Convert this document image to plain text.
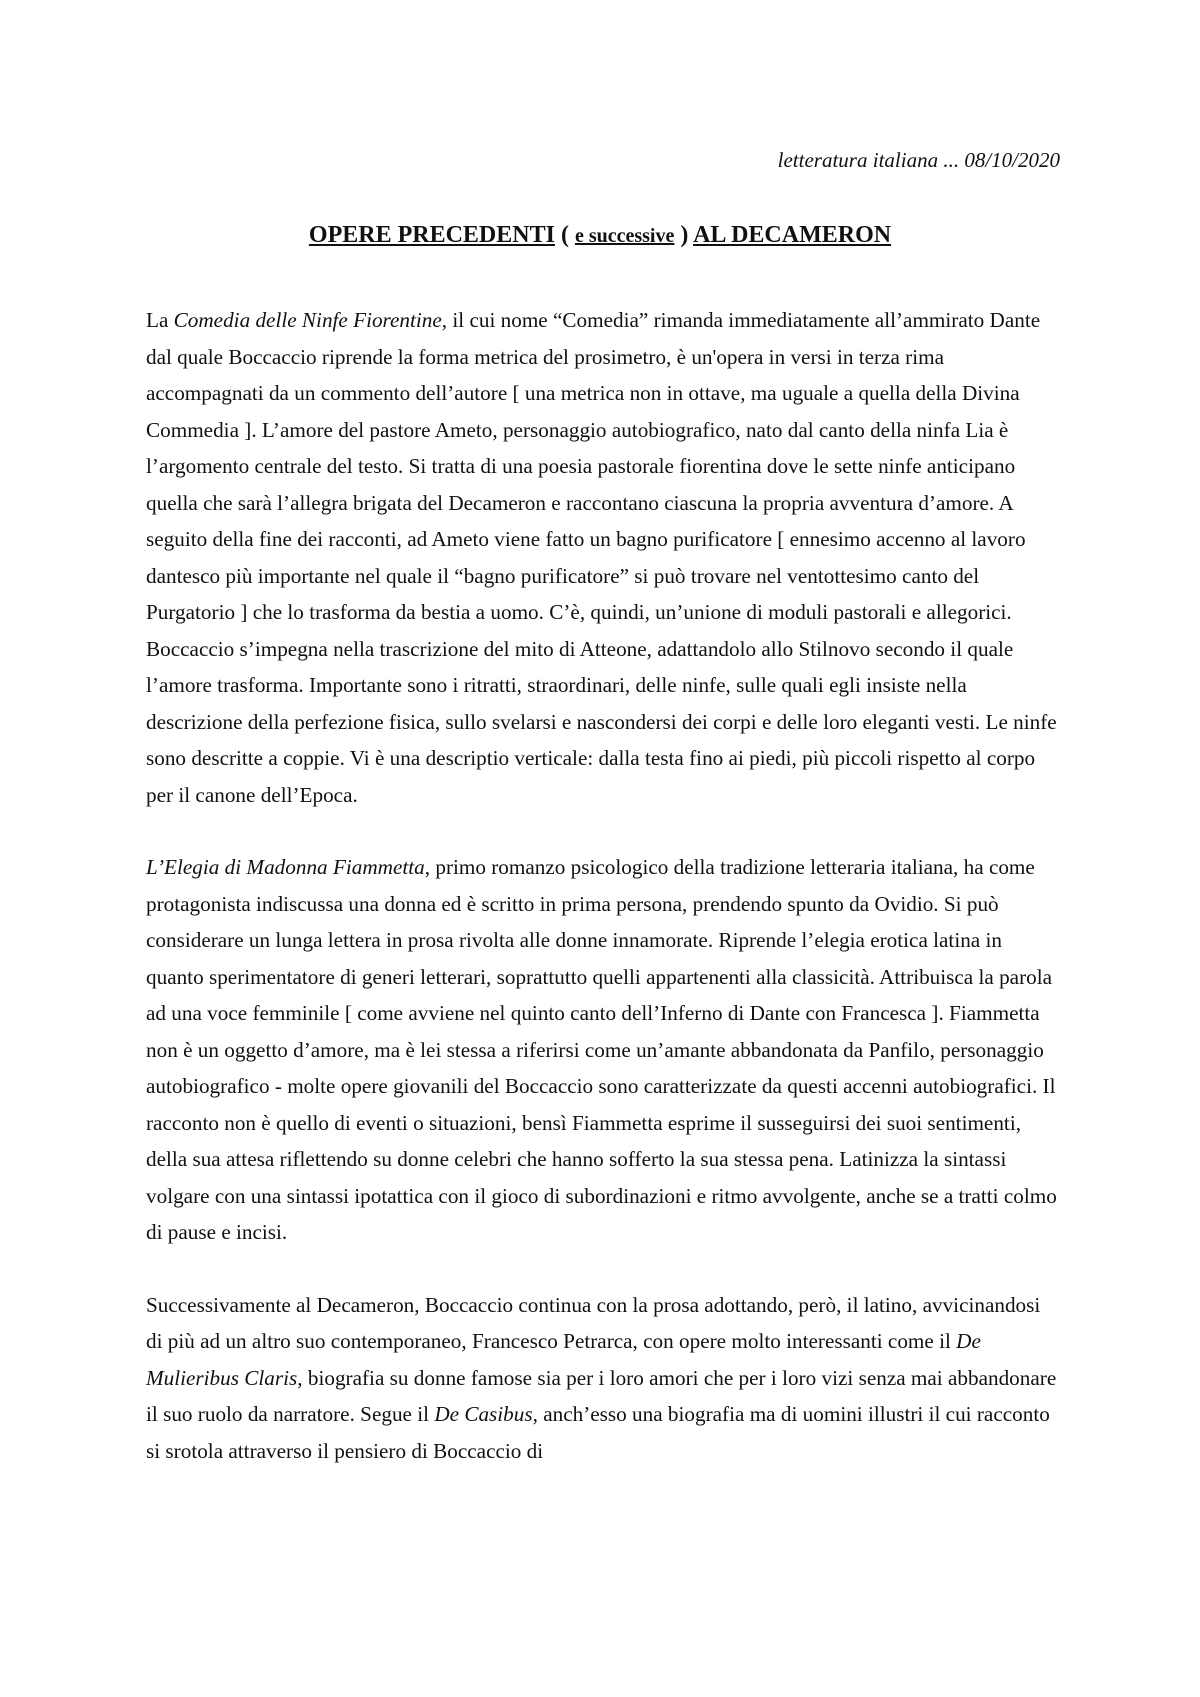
letteratura italiana ... 08/10/2020
OPERE PRECEDENTI ( e successive ) AL DECAMERON

La Comedia delle Ninfe Fiorentine, il cui nome “Comedia” rimanda immediatamente all’ammirato Dante dal quale Boccaccio riprende la forma metrica del prosimetro, è un'opera in versi in terza rima accompagnati da un commento dell’autore [ una metrica non in ottave, ma uguale a quella della Divina Commedia ]. L’amore del pastore Ameto, personaggio autobiografico, nato dal canto della ninfa Lia è l’argomento centrale del testo. Si tratta di una poesia pastorale fiorentina dove le sette ninfe anticipano quella che sarà l’allegra brigata del Decameron e raccontano ciascuna la propria avventura d’amore. A seguito della fine dei racconti, ad Ameto viene fatto un bagno purificatore [ ennesimo accenno al lavoro dantesco più importante nel quale il “bagno purificatore” si può trovare nel ventottesimo canto del Purgatorio ] che lo trasforma da bestia a uomo. C’è, quindi, un’unione di moduli pastorali e allegorici. Boccaccio s’impegna nella trascrizione del mito di Atteone, adattandolo allo Stilnovo secondo il quale l’amore trasforma. Importante sono i ritratti, straordinari, delle ninfe, sulle quali egli insiste nella descrizione della perfezione fisica, sullo svelarsi e nascondersi dei corpi e delle loro eleganti vesti. Le ninfe sono descritte a coppie. Vi è una descriptio verticale: dalla testa fino ai piedi, più piccoli rispetto al corpo per il canone dell’Epoca.

L’Elegia di Madonna Fiammetta, primo romanzo psicologico della tradizione letteraria italiana, ha come protagonista indiscussa una donna ed è scritto in prima persona, prendendo spunto da Ovidio. Si può considerare un lunga lettera in prosa rivolta alle donne innamorate. Riprende l’elegia erotica latina in quanto sperimentatore di generi letterari, soprattutto quelli appartenenti alla classicità. Attribuisca la parola ad una voce femminile [ come avviene nel quinto canto dell’Inferno di Dante con Francesca ]. Fiammetta non è un oggetto d’amore, ma è lei stessa a riferirsi come un’amante abbandonata da Panfilo, personaggio autobiografico - molte opere giovanili del Boccaccio sono caratterizzate da questi accenni autobiografici. Il racconto non è quello di eventi o situazioni, bensì Fiammetta esprime il susseguirsi dei suoi sentimenti, della sua attesa riflettendo su donne celebri che hanno sofferto la sua stessa pena. Latinizza la sintassi volgare con una sintassi ipotattica con il gioco di subordinazioni e ritmo avvolgente, anche se a tratti colmo di pause e incisi.

Successivamente al Decameron, Boccaccio continua con la prosa adottando, però, il latino, avvicinandosi di più ad un altro suo contemporaneo, Francesco Petrarca, con opere molto interessanti come il De Mulieribus Claris, biografia su donne famose sia per i loro amori che per i loro vizi senza mai abbandonare il suo ruolo da narratore. Segue il De Casibus, anch’esso una biografia ma di uomini illustri il cui racconto si srotola attraverso il pensiero di Boccaccio di
